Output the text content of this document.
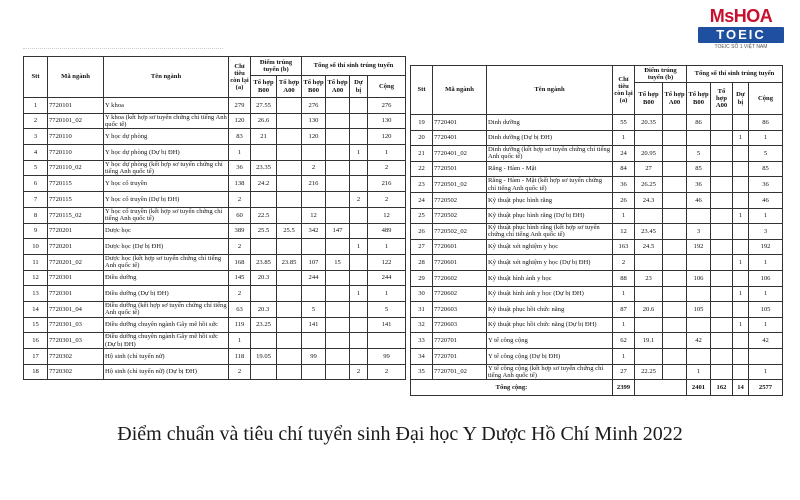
MsHOA
TOEIC
TOEIC SỐ 1 VIỆT NAM
Stt	Mã ngành	Tên ngành	Chỉ tiêu còn lại (a)	Điểm trúng tuyển (b)		Tổng số thí sinh trúng tuyển			
				Tổ hợp B00	Tổ hợp A00	Tổ hợp B00	Tổ hợp A00	Dự bị	Cộng

1	7720101	Y khoa	279	27.55		276			276
2	7720101_02	Y khoa (kết hợp sơ tuyển chứng chỉ tiếng Anh quốc tế)	120	26.6		130			130
3	7720110	Y học dự phòng	83	21		120			120
4	7720110	Y học dự phòng (Dự bị ĐH)	1					1	1
5	7720110_02	Y học dự phòng (kết hợp sơ tuyển chứng chỉ tiếng Anh quốc tế)	36	23.35		2			2
6	7720115	Y học cổ truyền	138	24.2		216			216
7	7720115	Y học cổ truyền (Dự bị ĐH)	2					2	2
8	7720115_02	Y học cổ truyền (kết hợp sơ tuyển chứng chỉ tiếng Anh quốc tế)	60	22.5		12			12
9	7720201	Dược học	389	25.5	25.5	342	147		489
10	7720201	Dược học (Dự bị ĐH)	2					1	1
11	7720201_02	Dược học (kết hợp sơ tuyển chứng chỉ tiếng Anh quốc tế)	168	23.85	23.85	107	15		122
12	7720301	Điều dưỡng	145	20.3		244			244
13	7720301	Điều dưỡng (Dự bị ĐH)	2					1	1
14	7720301_04	Điều dưỡng (kết hợp sơ tuyển chứng chỉ tiếng Anh quốc tế)	63	20.3		5			5
15	7720301_03	Điều dưỡng chuyên ngành Gây mê hồi sức	119	23.25		141			141
16	7720301_03	Điều dưỡng chuyên ngành Gây mê hồi sức (Dự bị ĐH)	1						
17	7720302	Hộ sinh (chỉ tuyển nữ)	118	19.05		99			99
18	7720302	Hộ sinh (chỉ tuyển nữ) (Dự bị ĐH)	2					2	2
Stt	Mã ngành	Tên ngành	Chỉ tiêu còn lại (a)	Điểm trúng tuyển (b)		Tổng số thí sinh trúng tuyển			
				Tổ hợp B00	Tổ hợp A00	Tổ hợp B00	Tổ hợp A00	Dự bị	Cộng

19	7720401	Dinh dưỡng	55	20.35		86			86
20	7720401	Dinh dưỡng (Dự bị ĐH)	1					1	1
21	7720401_02	Dinh dưỡng (kết hợp sơ tuyển chứng chỉ tiếng Anh quốc tế)	24	20.95		5			5
22	7720501	Răng - Hàm - Mặt	84	27		85			85
23	7720501_02	Răng - Hàm - Mặt (kết hợp sơ tuyển chứng chỉ tiếng Anh quốc tế)	36	26.25		36			36
24	7720502	Kỹ thuật phục hình răng	26	24.3		46			46
25	7720502	Kỹ thuật phục hình răng (Dự bị ĐH)	1					1	1
26	7720502_02	Kỹ thuật phục hình răng (kết hợp sơ tuyển chứng chỉ tiếng Anh quốc tế)	12	23.45		3			3
27	7720601	Kỹ thuật xét nghiệm y học	163	24.5		192			192
28	7720601	Kỹ thuật xét nghiệm y học (Dự bị ĐH)	2					1	1
29	7720602	Kỹ thuật hình ảnh y học	88	23		106			106
30	7720602	Kỹ thuật hình ảnh y học (Dự bị ĐH)	1					1	1
31	7720603	Kỹ thuật phục hồi chức năng	87	20.6		105			105
32	7720603	Kỹ thuật phục hồi chức năng (Dự bị ĐH)	1					1	1
33	7720701	Y tế công cộng	62	19.1		42			42
34	7720701	Y tế công cộng (Dự bị ĐH)	1						
35	7720701_02	Y tế công cộng (kết hợp sơ tuyển chứng chỉ tiếng Anh quốc tế)	27	22.25		1			1
Tổng cộng:			2399			2401	162	14	2577
Điểm chuẩn và tiêu chí tuyển sinh Đại học Y Dược Hồ Chí Minh 2022
